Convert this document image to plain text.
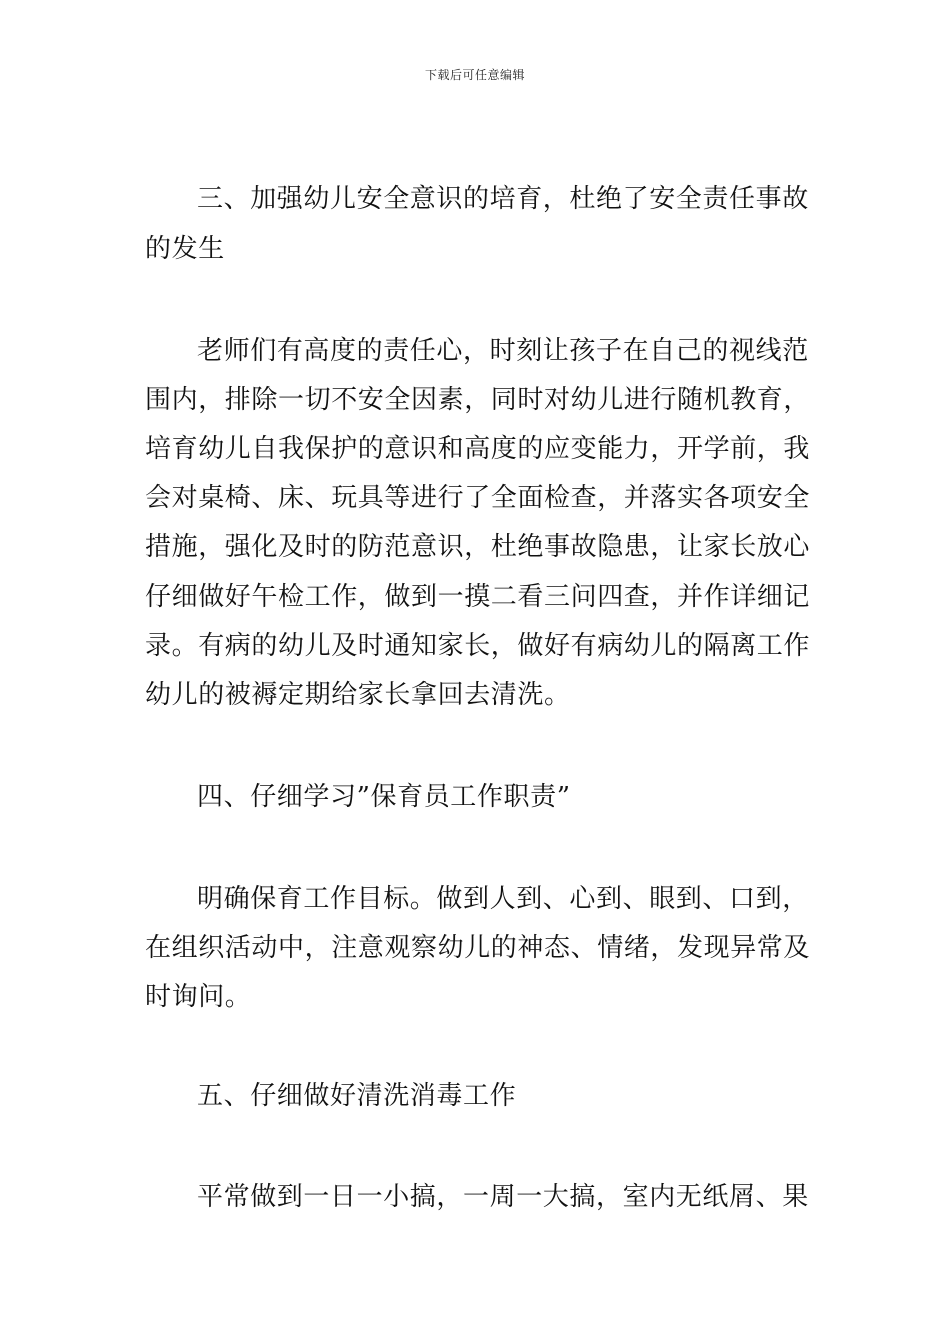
下载后可任意编辑
三、加强幼儿安全意识的培育，杜绝了安全责任事故
的发生
老师们有高度的责任心，时刻让孩子在自己的视线范
围内，排除一切不安全因素，同时对幼儿进行随机教育，
培育幼儿自我保护的意识和高度的应变能力，开学前，我
会对桌椅、床、玩具等进行了全面检查，并落实各项安全
措施，强化及时的防范意识，杜绝事故隐患，让家长放心
仔细做好午检工作，做到一摸二看三问四查，并作详细记
录。有病的幼儿及时通知家长，做好有病幼儿的隔离工作
幼儿的被褥定期给家长拿回去清洗。
四、仔细学习”保育员工作职责”
明确保育工作目标。做到人到、心到、眼到、口到，
在组织活动中，注意观察幼儿的神态、情绪，发现异常及
时询问。
五、仔细做好清洗消毒工作
平常做到一日一小搞，一周一大搞，室内无纸屑、果
